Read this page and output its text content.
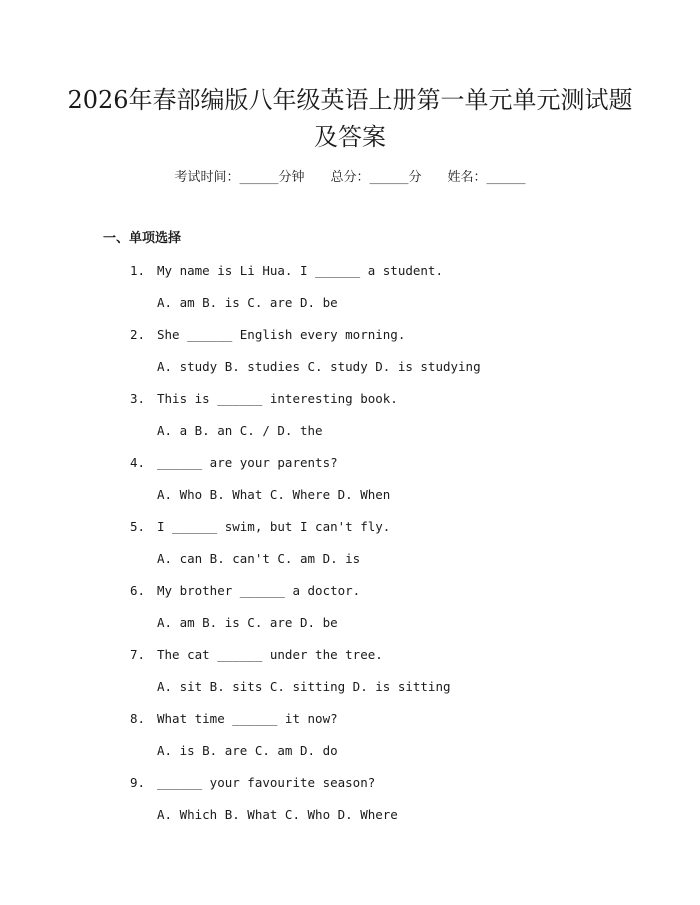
2026年春部编版八年级英语上册第一单元单元测试题及答案
考试时间：______分钟 总分：______分 姓名：______
一、单项选择
1. My name is Li Hua. I ______ a student.
A. am B. is C. are D. be
2. She ______ English every morning.
A. study B. studies C. study D. is studying
3. This is ______ interesting book.
A. a B. an C. / D. the
4. ______ are your parents?
A. Who B. What C. Where D. When
5. I ______ swim, but I can't fly.
A. can B. can't C. am D. is
6. My brother ______ a doctor.
A. am B. is C. are D. be
7. The cat ______ under the tree.
A. sit B. sits C. sitting D. is sitting
8. What time ______ it now?
A. is B. are C. am D. do
9. ______ your favourite season?
A. Which B. What C. Who D. Where
